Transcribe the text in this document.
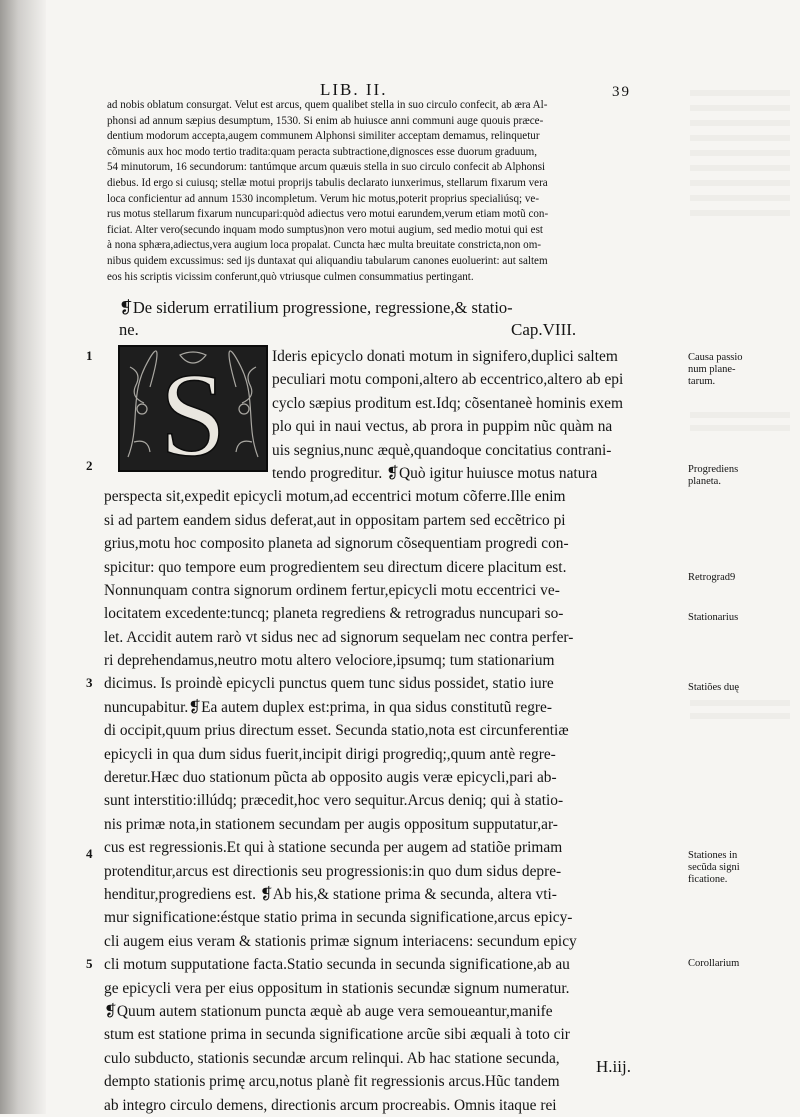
LIB. II.	39
ad nobis oblatum consurgat. Velut est arcus, quem qualibet stella in suo circulo confecit, ab æra Al-
phonsi ad annum sæpius desumptum, 1530. Si enim ab huiusce anni communi auge quouis præce-
dentium modorum accepta,augem communem Alphonsi similiter acceptam demamus, relinquetur
cõmunis aux hoc modo tertio tradita:quam peracta subtractione,dignosces esse duorum graduum,
54 minutorum, 16 secundorum: tantúmque arcum quæuis stella in suo circulo confecit ab Alphonsi
diebus. Id ergo si cuiusq; stellæ motui proprijs tabulis declarato iunxerimus, stellarum fixarum vera
loca conficientur ad annum 1530 incompletum. Verum hic motus,poterit proprius specialiúsq; ve-
rus motus stellarum fixarum nuncupari:quòd adiectus vero motui earundem,verum etiam motũ con-
ficiat. Alter vero(secundo inquam modo sumptus)non vero motui augium, sed medio motui qui est
à nona sphæra,adiectus,vera augium loca propalat. Cuncta hæc multa breuitate constricta,non om-
nibus quidem excussimus: sed ijs duntaxat qui aliquandiu tabularum canones euoluerint: aut saltem
eos his scriptis vicissim conferunt,quò vtriusque culmen consummatius pertingant.
❡De siderum erratilium progressione, regressione,& statio-
ne.	Cap.VIII.
S	Ideris epicyclo donati motum in signifero,duplici saltem
peculiari motu componi,altero ab eccentrico,altero ab epi
cyclo sæpius proditum est.Idq; cõsentaneè hominis exem
plo qui in naui vectus, ab prora in puppim nũc quàm na
uis segnius,nunc æquè,quandoque concitatius contrani-
tendo progreditur. ❡Quò igitur huiusce motus natura
perspecta sit,expedit epicycli motum,ad eccentrici motum cõferre.Ille enim
si ad partem eandem sidus deferat,aut in oppositam partem sed eccẽtrico pi
grius,motu hoc composito planeta ad signorum cõsequentiam progredi con-
spicitur: quo tempore eum progredientem seu directum dicere placitum est.
Nonnunquam contra signorum ordinem fertur,epicycli motu eccentrici ve-
locitatem excedente:tuncq; planeta regrediens & retrogradus nuncupari so-
let. Accidit autem rarò vt sidus nec ad signorum sequelam nec contra perfer-
ri deprehendamus,neutro motu altero velociore,ipsumq; tum stationarium
dicimus. Is proindè epicycli punctus quem tunc sidus possidet, statio iure
nuncupabitur.❡Ea autem duplex est:prima, in qua sidus constitutũ regre-
di occipit,quum prius directum esset. Secunda statio,nota est circunferentiæ
epicycli in qua dum sidus fuerit,incipit dirigi progrediq;,quum antè regre-
deretur.Hæc duo stationum pũcta ab opposito augis veræ epicycli,pari ab-
sunt interstitio:illúdq; præcedit,hoc vero sequitur.Arcus deniq; qui à statio-
nis primæ nota,in stationem secundam per augis oppositum supputatur,ar-
cus est regressionis.Et qui à statione secunda per augem ad statiõe primam
protenditur,arcus est directionis seu progressionis:in quo dum sidus depre-
henditur,progrediens est. ❡Ab his,& statione prima & secunda, altera vti-
mur significatione:éstque statio prima in secunda significatione,arcus epicy-
cli augem eius veram & stationis primæ signum interiacens: secundum epicy
cli motum supputatione facta.Statio secunda in secunda significatione,ab au
ge epicycli vera per eius oppositum in stationis secundæ signum numeratur.
❡Quum autem stationum puncta æquè ab auge vera semoueantur,manife
stum est statione prima in secunda significatione arcũe sibi æquali à toto cir
culo subducto, stationis secundæ arcum relinqui. Ab hac statione secunda,
dempto stationis primę arcu,notus planè fit regressionis arcus.Hũc tandem
ab integro circulo demens, directionis arcum procreabis. Omnis itaque rei
1
2
3
4
5
Causa passio
num plane-
tarum.
Progrediens
planeta.
Retrograd9
Stationarius
Statiões duę
Stationes in
secũda signi
ficatione.
Corollarium
H.iij.
